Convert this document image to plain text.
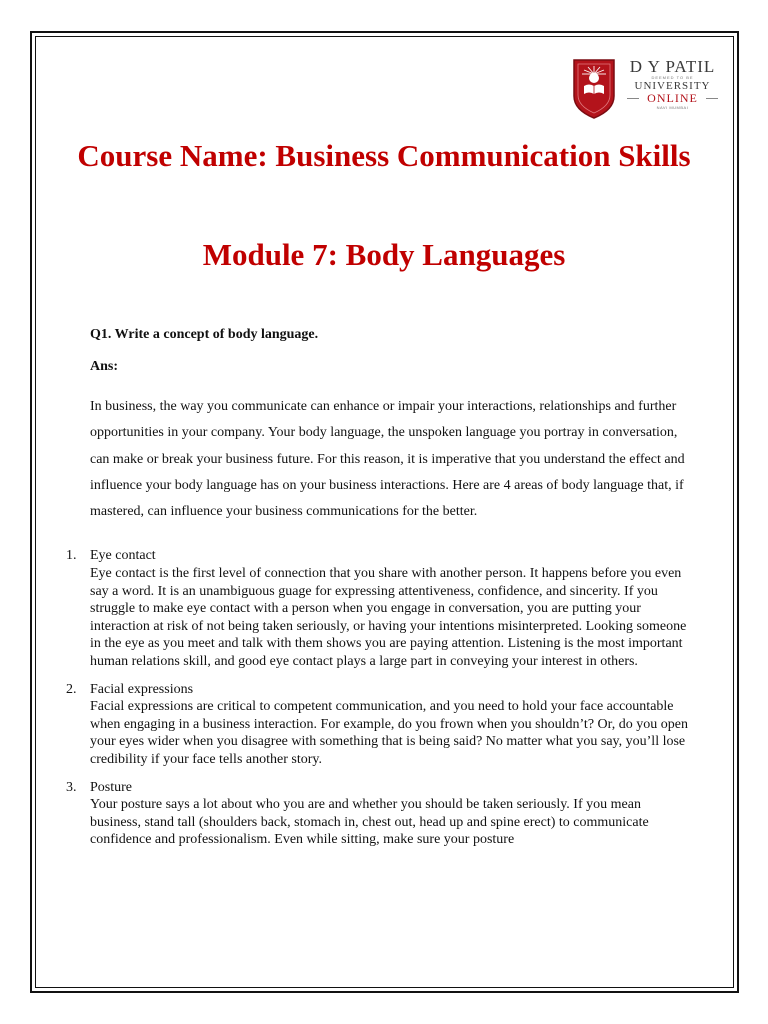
D Y PATIL
DEEMED TO BE
UNIVERSITY
ONLINE
NAVI MUMBAI
Course Name: Business Communication Skills
Module 7: Body Languages

Q1. Write a concept of body language.

Ans:

In business, the way you communicate can enhance or impair your interactions, relationships and further opportunities in your company. Your body language, the unspoken language you portray in conversation, can make or break your business future. For this reason, it is imperative that you understand the effect and influence your body language has on your business interactions. Here are 4 areas of body language that, if mastered, can influence your business communications for the better.

1. Eye contact
Eye contact is the first level of connection that you share with another person. It happens before you even say a word. It is an unambiguous guage for expressing attentiveness, confidence, and sincerity. If you struggle to make eye contact with a person when you engage in conversation, you are putting your interaction at risk of not being taken seriously, or having your intentions misinterpreted. Looking someone in the eye as you meet and talk with them shows you are paying attention. Listening is the most important human relations skill, and good eye contact plays a large part in conveying your interest in others.
2. Facial expressions
Facial expressions are critical to competent communication, and you need to hold your face accountable when engaging in a business interaction. For example, do you frown when you shouldn’t? Or, do you open your eyes wider when you disagree with something that is being said? No matter what you say, you’ll lose credibility if your face tells another story.
3. Posture
Your posture says a lot about who you are and whether you should be taken seriously. If you mean business, stand tall (shoulders back, stomach in, chest out, head up and spine erect) to communicate confidence and professionalism. Even while sitting, make sure your posture
